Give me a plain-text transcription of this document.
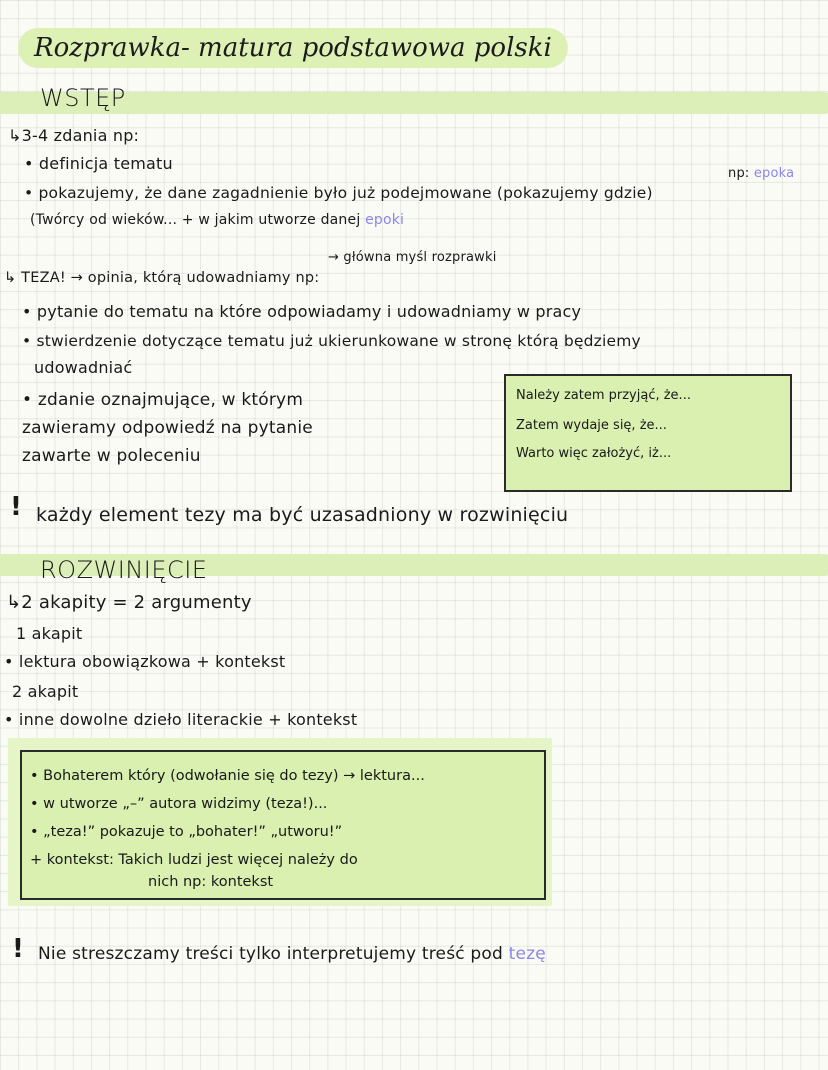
Rozprawka- matura podstawowa polski
WSTĘP
↳3-4 zdania np:
• definicja tematu
np: epoka
• pokazujemy, że dane zagadnienie było już podejmowane (pokazujemy gdzie)
(Twórcy od wieków... + w jakim utworze danej epoki
→ główna myśl rozprawki
↳ TEZA! → opinia, którą udowadniamy np:
• pytanie do tematu na które odpowiadamy i udowadniamy w pracy
• stwierdzenie dotyczące tematu już ukierunkowane w stronę którą będziemy
udowadniać
• zdanie oznajmujące, w którym
zawieramy odpowiedź na pytanie
zawarte w poleceniu
Należy zatem przyjąć, że...
Zatem wydaje się, że...
Warto więc założyć, iż...
! każdy element tezy ma być uzasadniony w rozwinięciu
ROZWINIĘCIE
↳2 akapity = 2 argumenty
1 akapit
• lektura obowiązkowa + kontekst
2 akapit
• inne dowolne dzieło literackie + kontekst
• Bohaterem który (odwołanie się do tezy) → lektura...
• w utworze „–” autora widzimy (teza!)...
• „teza!” pokazuje to „bohater!” „utworu!”
+ kontekst: Takich ludzi jest więcej należy do
nich np: kontekst
! Nie streszczamy treści tylko interpretujemy treść pod tezę
